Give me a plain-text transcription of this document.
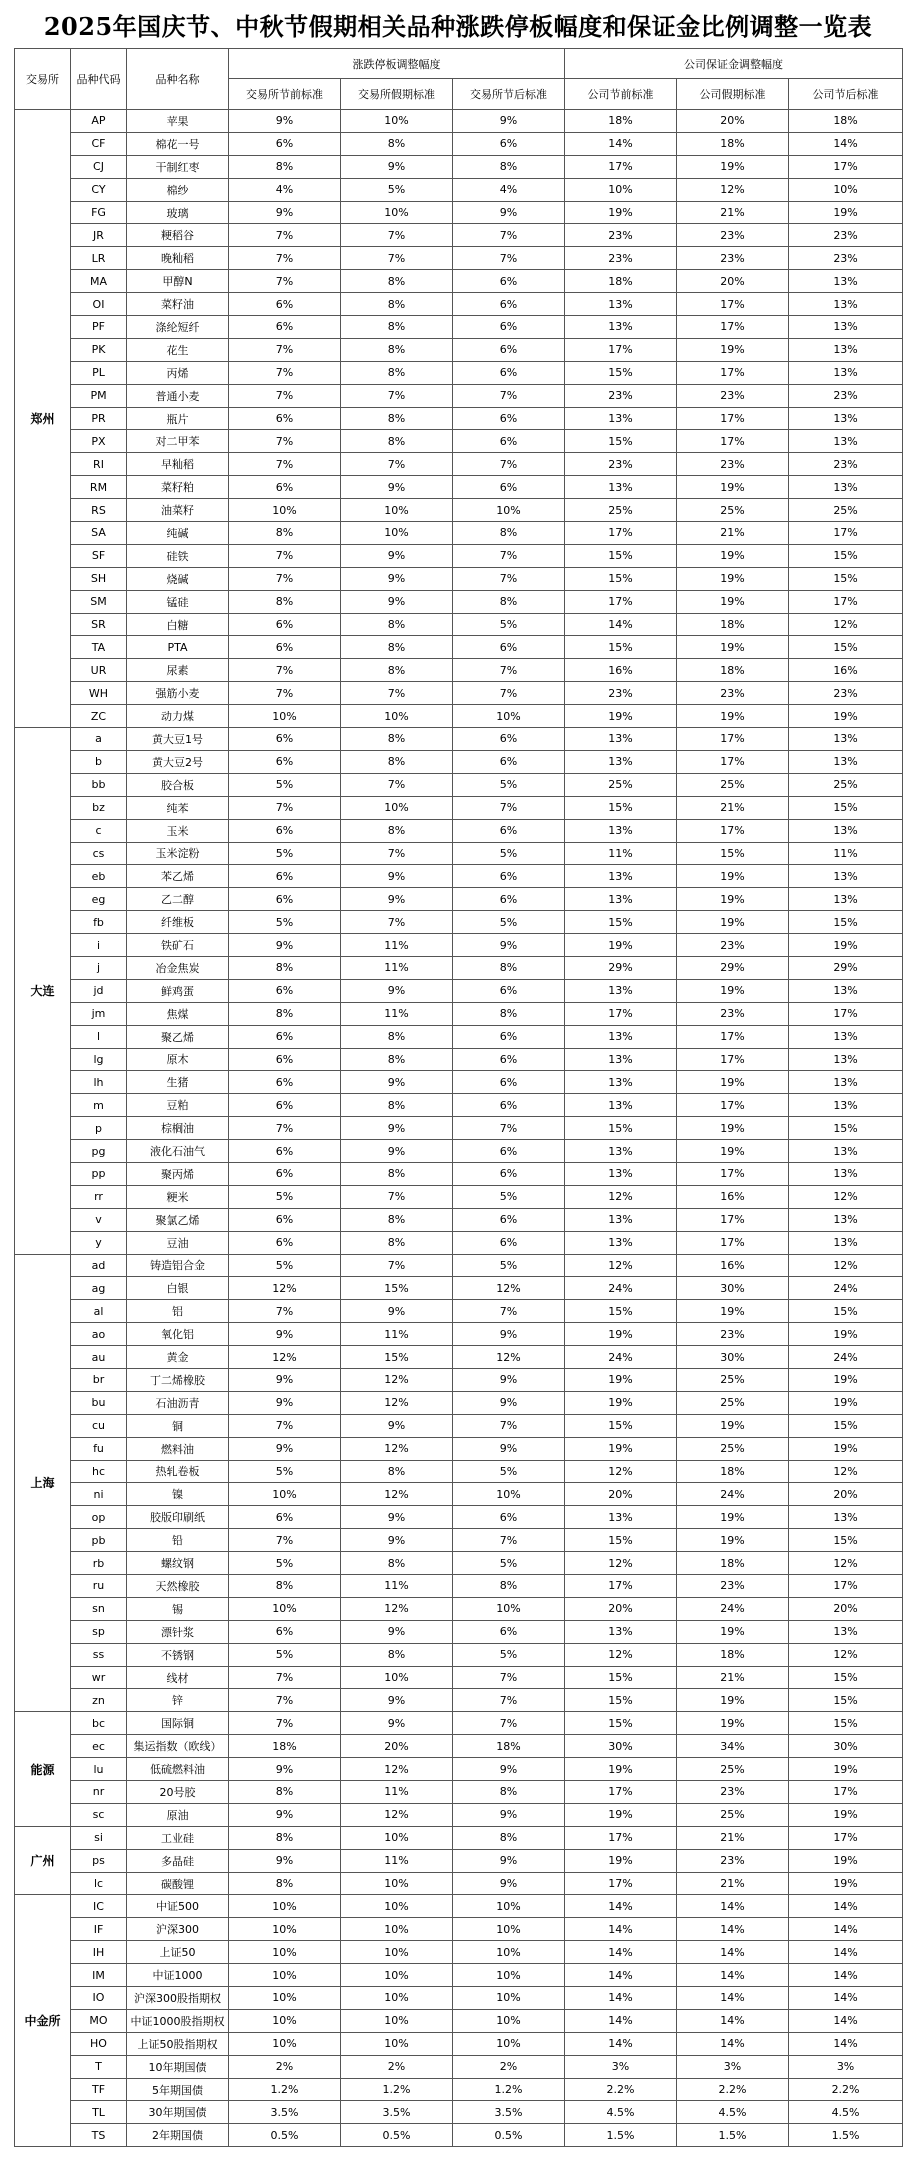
2025年国庆节、中秋节假期相关品种涨跌停板幅度和保证金比例调整一览表
交易所	品种代码	品种名称	涨跌停板调整幅度			公司保证金调整幅度		
			交易所节前标准	交易所假期标准	交易所节后标准	公司节前标准	公司假期标准	公司节后标准
郑州	AP	苹果	9%	10%	9%	18%	20%	18%
	CF	棉花一号	6%	8%	6%	14%	18%	14%
	CJ	干制红枣	8%	9%	8%	17%	19%	17%
	CY	棉纱	4%	5%	4%	10%	12%	10%
	FG	玻璃	9%	10%	9%	19%	21%	19%
	JR	粳稻谷	7%	7%	7%	23%	23%	23%
	LR	晚籼稻	7%	7%	7%	23%	23%	23%
	MA	甲醇N	7%	8%	6%	18%	20%	13%
	OI	菜籽油	6%	8%	6%	13%	17%	13%
	PF	涤纶短纤	6%	8%	6%	13%	17%	13%
	PK	花生	7%	8%	6%	17%	19%	13%
	PL	丙烯	7%	8%	6%	15%	17%	13%
	PM	普通小麦	7%	7%	7%	23%	23%	23%
	PR	瓶片	6%	8%	6%	13%	17%	13%
	PX	对二甲苯	7%	8%	6%	15%	17%	13%
	RI	早籼稻	7%	7%	7%	23%	23%	23%
	RM	菜籽粕	6%	9%	6%	13%	19%	13%
	RS	油菜籽	10%	10%	10%	25%	25%	25%
	SA	纯碱	8%	10%	8%	17%	21%	17%
	SF	硅铁	7%	9%	7%	15%	19%	15%
	SH	烧碱	7%	9%	7%	15%	19%	15%
	SM	锰硅	8%	9%	8%	17%	19%	17%
	SR	白糖	6%	8%	5%	14%	18%	12%
	TA	PTA	6%	8%	6%	15%	19%	15%
	UR	尿素	7%	8%	7%	16%	18%	16%
	WH	强筋小麦	7%	7%	7%	23%	23%	23%
	ZC	动力煤	10%	10%	10%	19%	19%	19%
大连	a	黄大豆1号	6%	8%	6%	13%	17%	13%
	b	黄大豆2号	6%	8%	6%	13%	17%	13%
	bb	胶合板	5%	7%	5%	25%	25%	25%
	bz	纯苯	7%	10%	7%	15%	21%	15%
	c	玉米	6%	8%	6%	13%	17%	13%
	cs	玉米淀粉	5%	7%	5%	11%	15%	11%
	eb	苯乙烯	6%	9%	6%	13%	19%	13%
	eg	乙二醇	6%	9%	6%	13%	19%	13%
	fb	纤维板	5%	7%	5%	15%	19%	15%
	i	铁矿石	9%	11%	9%	19%	23%	19%
	j	冶金焦炭	8%	11%	8%	29%	29%	29%
	jd	鲜鸡蛋	6%	9%	6%	13%	19%	13%
	jm	焦煤	8%	11%	8%	17%	23%	17%
	l	聚乙烯	6%	8%	6%	13%	17%	13%
	lg	原木	6%	8%	6%	13%	17%	13%
	lh	生猪	6%	9%	6%	13%	19%	13%
	m	豆粕	6%	8%	6%	13%	17%	13%
	p	棕榈油	7%	9%	7%	15%	19%	15%
	pg	液化石油气	6%	9%	6%	13%	19%	13%
	pp	聚丙烯	6%	8%	6%	13%	17%	13%
	rr	粳米	5%	7%	5%	12%	16%	12%
	v	聚氯乙烯	6%	8%	6%	13%	17%	13%
	y	豆油	6%	8%	6%	13%	17%	13%
上海	ad	铸造铝合金	5%	7%	5%	12%	16%	12%
	ag	白银	12%	15%	12%	24%	30%	24%
	al	铝	7%	9%	7%	15%	19%	15%
	ao	氧化铝	9%	11%	9%	19%	23%	19%
	au	黄金	12%	15%	12%	24%	30%	24%
	br	丁二烯橡胶	9%	12%	9%	19%	25%	19%
	bu	石油沥青	9%	12%	9%	19%	25%	19%
	cu	铜	7%	9%	7%	15%	19%	15%
	fu	燃料油	9%	12%	9%	19%	25%	19%
	hc	热轧卷板	5%	8%	5%	12%	18%	12%
	ni	镍	10%	12%	10%	20%	24%	20%
	op	胶版印刷纸	6%	9%	6%	13%	19%	13%
	pb	铅	7%	9%	7%	15%	19%	15%
	rb	螺纹钢	5%	8%	5%	12%	18%	12%
	ru	天然橡胶	8%	11%	8%	17%	23%	17%
	sn	锡	10%	12%	10%	20%	24%	20%
	sp	漂针浆	6%	9%	6%	13%	19%	13%
	ss	不锈钢	5%	8%	5%	12%	18%	12%
	wr	线材	7%	10%	7%	15%	21%	15%
	zn	锌	7%	9%	7%	15%	19%	15%
能源	bc	国际铜	7%	9%	7%	15%	19%	15%
	ec	集运指数（欧线）	18%	20%	18%	30%	34%	30%
	lu	低硫燃料油	9%	12%	9%	19%	25%	19%
	nr	20号胶	8%	11%	8%	17%	23%	17%
	sc	原油	9%	12%	9%	19%	25%	19%
广州	si	工业硅	8%	10%	8%	17%	21%	17%
	ps	多晶硅	9%	11%	9%	19%	23%	19%
	lc	碳酸锂	8%	10%	9%	17%	21%	19%
中金所	IC	中证500	10%	10%	10%	14%	14%	14%
	IF	沪深300	10%	10%	10%	14%	14%	14%
	IH	上证50	10%	10%	10%	14%	14%	14%
	IM	中证1000	10%	10%	10%	14%	14%	14%
	IO	沪深300股指期权	10%	10%	10%	14%	14%	14%
	MO	中证1000股指期权	10%	10%	10%	14%	14%	14%
	HO	上证50股指期权	10%	10%	10%	14%	14%	14%
	T	10年期国债	2%	2%	2%	3%	3%	3%
	TF	5年期国债	1.2%	1.2%	1.2%	2.2%	2.2%	2.2%
	TL	30年期国债	3.5%	3.5%	3.5%	4.5%	4.5%	4.5%
	TS	2年期国债	0.5%	0.5%	0.5%	1.5%	1.5%	1.5%
